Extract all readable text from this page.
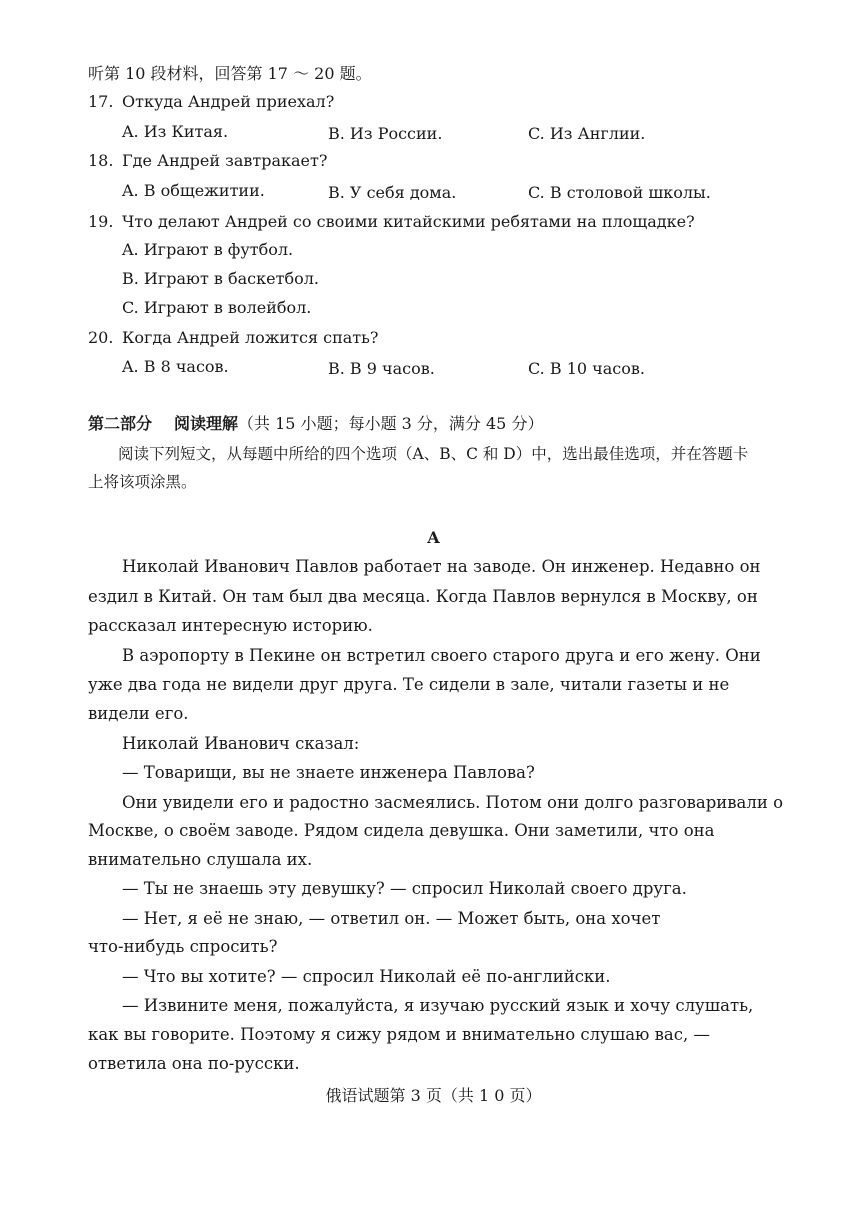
听第 10 段材料，回答第 17 ～ 20 题。
17. Откуда Андрей приехал?
A. Из Китая.	B. Из России.	C. Из Англии.
18. Где Андрей завтракает?
A. В общежитии.	B. У себя дома.	C. В столовой школы.
19. Что делают Андрей со своими китайскими ребятами на площадке?
A. Играют в футбол.
B. Играют в баскетбол.
C. Играют в волейбол.
20. Когда Андрей ложится спать?
A. В 8 часов.	B. В 9 часов.	C. В 10 часов.
第二部分 阅读理解（共 15 小题；每小题 3 分，满分 45 分）
阅读下列短文，从每题中所给的四个选项（A、B、C 和 D）中，选出最佳选项，并在答题卡
上将该项涂黑。
A
Николай Иванович Павлов работает на заводе. Он инженер. Недавно он
ездил в Китай. Он там был два месяца. Когда Павлов вернулся в Москву, он
рассказал интересную историю.
В аэропорту в Пекине он встретил своего старого друга и его жену. Они
уже два года не видели друг друга. Те сидели в зале, читали газеты и не
видели его.
Николай Иванович сказал:
— Товарищи, вы не знаете инженера Павлова?
Они увидели его и радостно засмеялись. Потом они долго разговаривали о
Москве, о своём заводе. Рядом сидела девушка. Они заметили, что она
внимательно слушала их.
— Ты не знаешь эту девушку? — спросил Николай своего друга.
— Нет, я её не знаю, — ответил он. — Может быть, она хочет
что-нибудь спросить?
— Что вы хотите? — спросил Николай её по-английски.
— Извините меня, пожалуйста, я изучаю русский язык и хочу слушать,
как вы говорите. Поэтому я сижу рядом и внимательно слушаю вас, —
ответила она по-русски.
俄语试题第 3 页（共 1 0 页）
